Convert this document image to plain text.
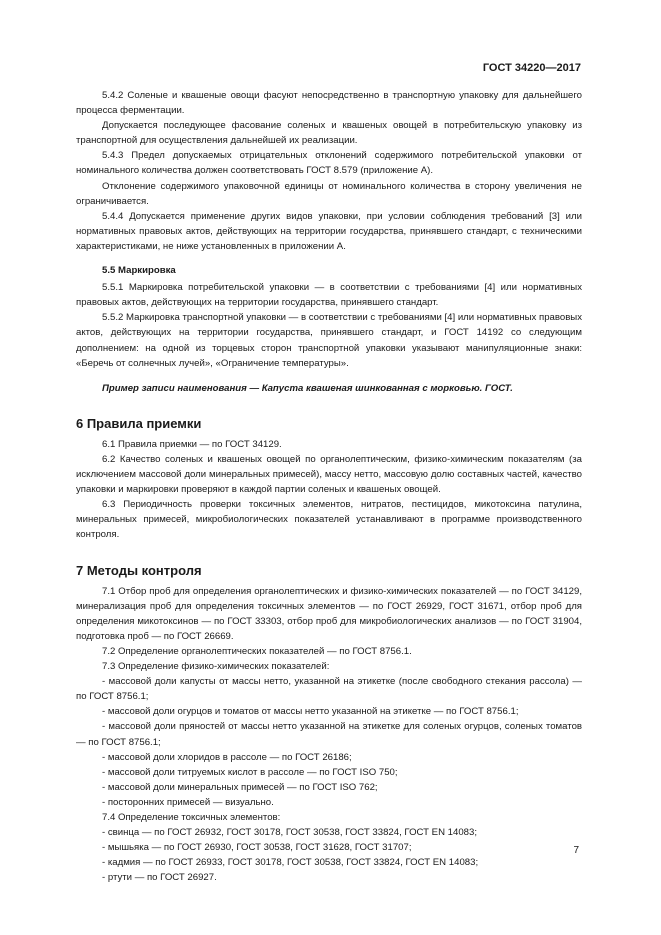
ГОСТ 34220—2017

5.4.2 Соленые и квашеные овощи фасуют непосредственно в транспортную упаковку для дальнейшего процесса ферментации.

Допускается последующее фасование соленых и квашеных овощей в потребительскую упаковку из транспортной для осуществления дальнейшей их реализации.

5.4.3 Предел допускаемых отрицательных отклонений содержимого потребительской упаковки от номинального количества должен соответствовать ГОСТ 8.579 (приложение А).

Отклонение содержимого упаковочной единицы от номинального количества в сторону увеличения не ограничивается.

5.4.4 Допускается применение других видов упаковки, при условии соблюдения требований [3] или нормативных правовых актов, действующих на территории государства, принявшего стандарт, с техническими характеристиками, не ниже установленных в приложении А.

5.5 Маркировка

5.5.1 Маркировка потребительской упаковки — в соответствии с требованиями [4] или нормативных правовых актов, действующих на территории государства, принявшего стандарт.

5.5.2 Маркировка транспортной упаковки — в соответствии с требованиями [4] или нормативных правовых актов, действующих на территории государства, принявшего стандарт, и ГОСТ 14192 со следующим дополнением: на одной из торцевых сторон транспортной упаковки указывают манипуляционные знаки: «Беречь от солнечных лучей», «Ограничение температуры».

Пример записи наименования — Капуста квашеная шинкованная с морковью. ГОСТ.

6 Правила приемки

6.1 Правила приемки — по ГОСТ 34129.

6.2 Качество соленых и квашеных овощей по органолептическим, физико-химическим показателям (за исключением массовой доли минеральных примесей), массу нетто, массовую долю составных частей, качество упаковки и маркировки проверяют в каждой партии соленых и квашеных овощей.

6.3 Периодичность проверки токсичных элементов, нитратов, пестицидов, микотоксина патулина, минеральных примесей, микробиологических показателей устанавливают в программе производственного контроля.

7 Методы контроля

7.1 Отбор проб для определения органолептических и физико-химических показателей — по ГОСТ 34129, минерализация проб для определения токсичных элементов — по ГОСТ 26929, ГОСТ 31671, отбор проб для определения микотоксинов — по ГОСТ 33303, отбор проб для микробиологических анализов — по ГОСТ 31904, подготовка проб — по ГОСТ 26669.

7.2 Определение органолептических показателей — по ГОСТ 8756.1.

7.3 Определение физико-химических показателей:

- массовой доли капусты от массы нетто, указанной на этикетке (после свободного стекания рассола) — по ГОСТ 8756.1;

- массовой доли огурцов и томатов от массы нетто указанной на этикетке — по ГОСТ 8756.1;

- массовой доли пряностей от массы нетто указанной на этикетке для соленых огурцов, соленых томатов — по ГОСТ 8756.1;

- массовой доли хлоридов в рассоле — по ГОСТ 26186;

- массовой доли титруемых кислот в рассоле — по ГОСТ ISO 750;

- массовой доли минеральных примесей — по ГОСТ ISO 762;

- посторонних примесей — визуально.

7.4 Определение токсичных элементов:

- свинца — по ГОСТ 26932, ГОСТ 30178, ГОСТ 30538, ГОСТ 33824, ГОСТ EN 14083;

- мышьяка — по ГОСТ 26930, ГОСТ 30538, ГОСТ 31628, ГОСТ 31707;

- кадмия — по ГОСТ 26933, ГОСТ 30178, ГОСТ 30538, ГОСТ 33824, ГОСТ EN 14083;

- ртути — по ГОСТ 26927.

7
